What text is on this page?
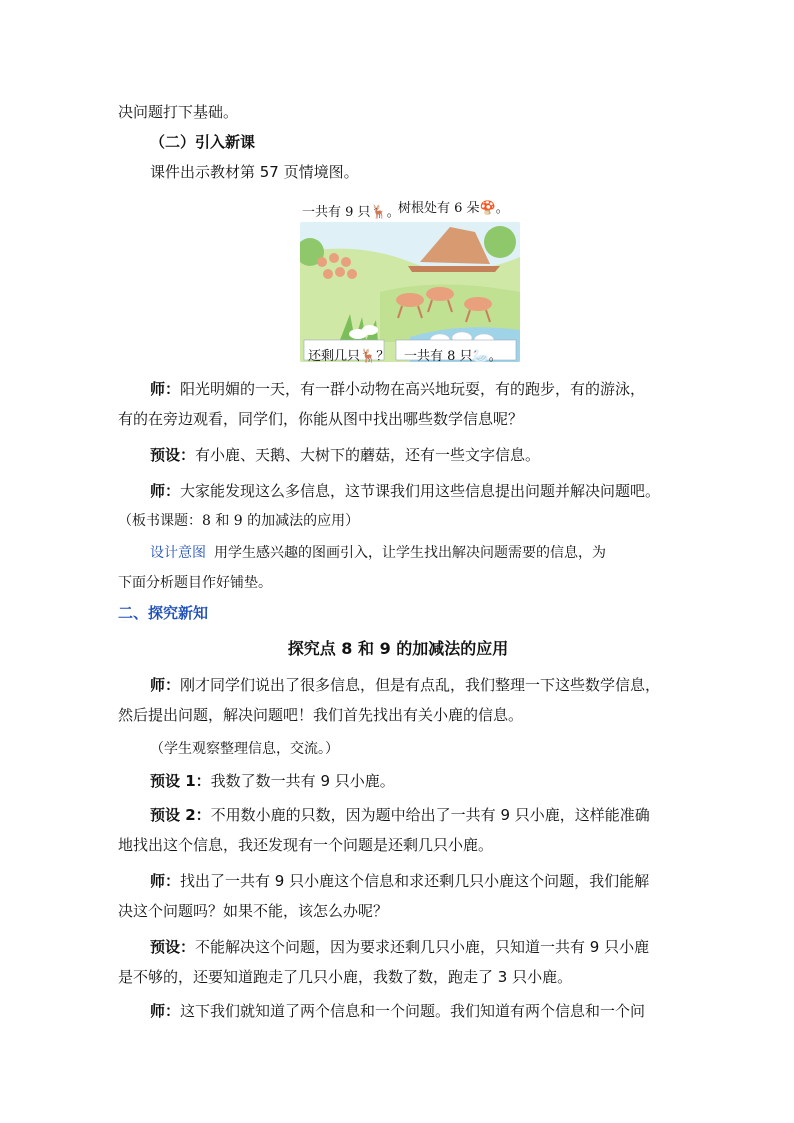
决问题打下基础。
（二）引入新课
课件出示教材第 57 页情境图。
一共有 9 只🦌。
树根处有 6 朵🍄。
还剩几只🦌？ 一共有 8 只🦢。
师：阳光明媚的一天，有一群小动物在高兴地玩耍，有的跑步，有的游泳，
有的在旁边观看，同学们，你能从图中找出哪些数学信息呢？
预设：有小鹿、天鹅、大树下的蘑菇，还有一些文字信息。
师：大家能发现这么多信息，这节课我们用这些信息提出问题并解决问题吧。
（板书课题：8 和 9 的加减法的应用）
设计意图 用学生感兴趣的图画引入，让学生找出解决问题需要的信息，为
下面分析题目作好铺垫。
二、探究新知
探究点 8 和 9 的加减法的应用
师：刚才同学们说出了很多信息，但是有点乱，我们整理一下这些数学信息，
然后提出问题，解决问题吧！我们首先找出有关小鹿的信息。
（学生观察整理信息，交流。）
预设 1：我数了数一共有 9 只小鹿。
预设 2：不用数小鹿的只数，因为题中给出了一共有 9 只小鹿，这样能准确
地找出这个信息，我还发现有一个问题是还剩几只小鹿。
师：找出了一共有 9 只小鹿这个信息和求还剩几只小鹿这个问题，我们能解
决这个问题吗？如果不能，该怎么办呢？
预设：不能解决这个问题，因为要求还剩几只小鹿，只知道一共有 9 只小鹿
是不够的，还要知道跑走了几只小鹿，我数了数，跑走了 3 只小鹿。
师：这下我们就知道了两个信息和一个问题。我们知道有两个信息和一个问
